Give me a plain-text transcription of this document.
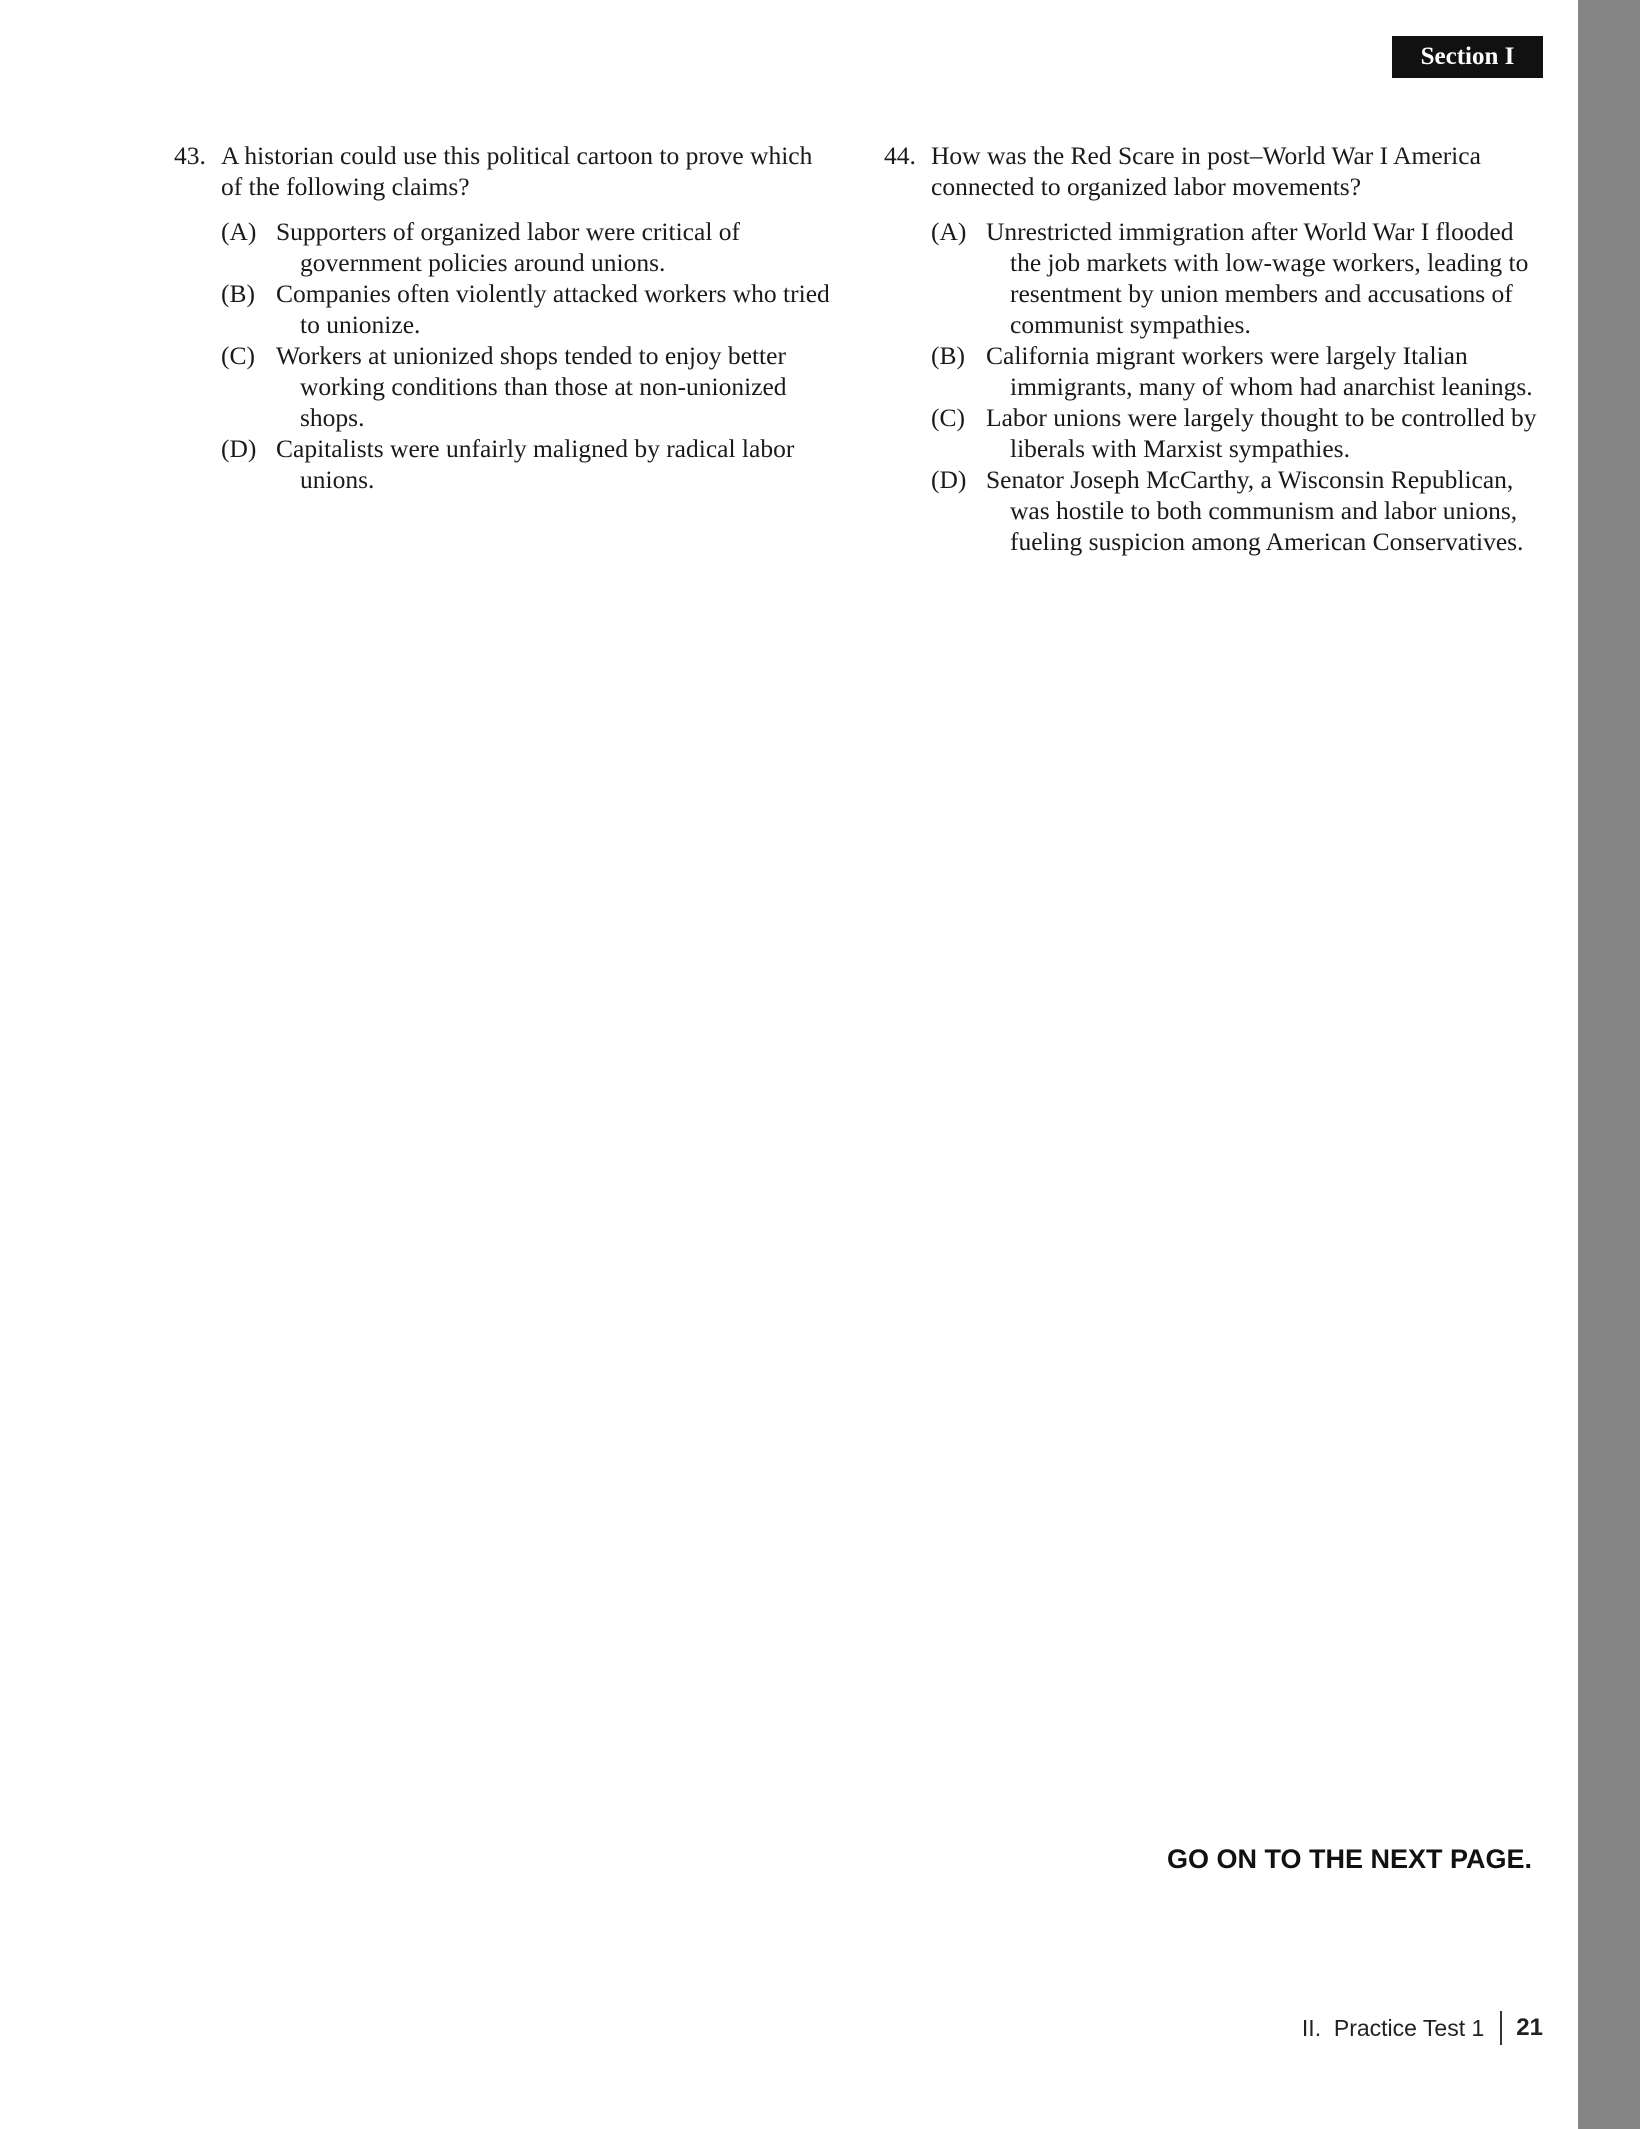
Section I
43. A historian could use this political cartoon to prove which of the following claims?
(A) Supporters of organized labor were critical of government policies around unions.
(B) Companies often violently attacked workers who tried to unionize.
(C) Workers at unionized shops tended to enjoy better working conditions than those at non-unionized shops.
(D) Capitalists were unfairly maligned by radical labor unions.
44. How was the Red Scare in post–World War I America connected to organized labor movements?
(A) Unrestricted immigration after World War I flooded the job markets with low-wage workers, leading to resentment by union members and accusations of communist sympathies.
(B) California migrant workers were largely Italian immigrants, many of whom had anarchist leanings.
(C) Labor unions were largely thought to be controlled by liberals with Marxist sympathies.
(D) Senator Joseph McCarthy, a Wisconsin Republican, was hostile to both communism and labor unions, fueling suspicion among American Conservatives.
GO ON TO THE NEXT PAGE.
II.  Practice Test 1 21
